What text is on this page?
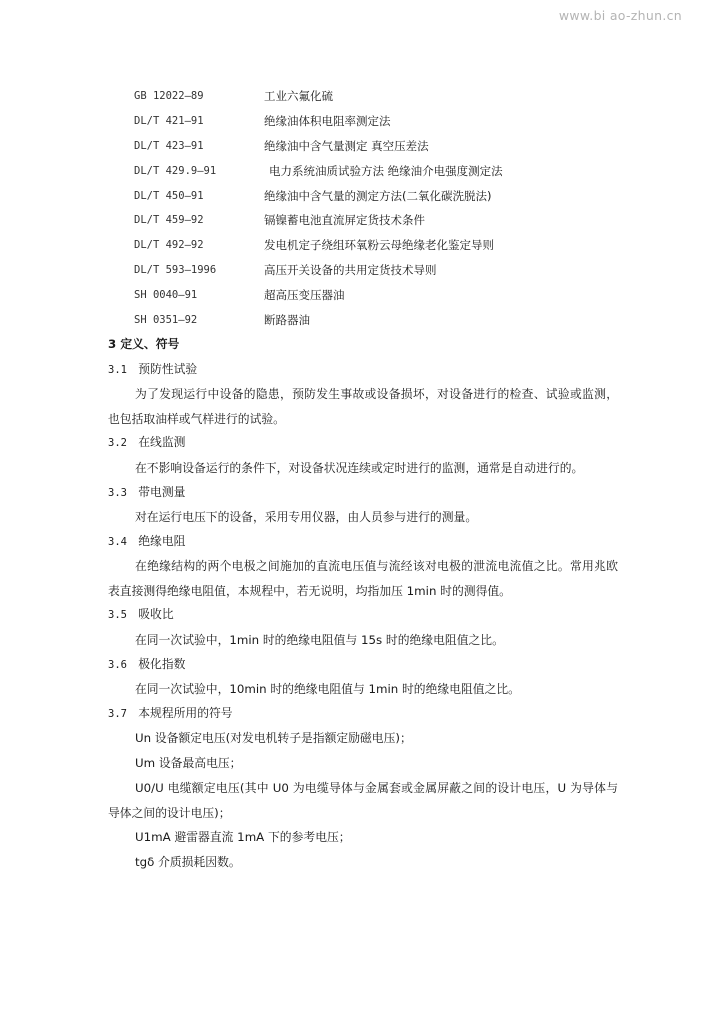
www.bi ao-zhun.cn
GB 12022—89	工业六氟化硫
DL/T 421—91	绝缘油体积电阻率测定法
DL/T 423—91	绝缘油中含气量测定 真空压差法
DL/T 429.9—91	电力系统油质试验方法 绝缘油介电强度测定法
DL/T 450—91	绝缘油中含气量的测定方法(二氧化碳洗脱法)
DL/T 459—92	镉镍蓄电池直流屏定货技术条件
DL/T 492—92	发电机定子绕组环氧粉云母绝缘老化鉴定导则
DL/T 593—1996	高压开关设备的共用定货技术导则
SH 0040—91	超高压变压器油
SH 0351—92	断路器油
3 定义、符号
3.1 预防性试验
为了发现运行中设备的隐患，预防发生事故或设备损坏，对设备进行的检查、试验或监测，也包括取油样或气样进行的试验。
3.2 在线监测
在不影响设备运行的条件下，对设备状况连续或定时进行的监测，通常是自动进行的。
3.3 带电测量
对在运行电压下的设备，采用专用仪器，由人员参与进行的测量。
3.4 绝缘电阻
在绝缘结构的两个电极之间施加的直流电压值与流经该对电极的泄流电流值之比。常用兆欧表直接测得绝缘电阻值，本规程中，若无说明，均指加压 1min 时的测得值。
3.5 吸收比
在同一次试验中，1min 时的绝缘电阻值与 15s 时的绝缘电阻值之比。
3.6 极化指数
在同一次试验中，10min 时的绝缘电阻值与 1min 时的绝缘电阻值之比。
3.7 本规程所用的符号
Un 设备额定电压(对发电机转子是指额定励磁电压)；
Um 设备最高电压；
U0/U 电缆额定电压(其中 U0 为电缆导体与金属套或金属屏蔽之间的设计电压，U 为导体与导体之间的设计电压)；
U1mA 避雷器直流 1mA 下的参考电压；
tgδ 介质损耗因数。
